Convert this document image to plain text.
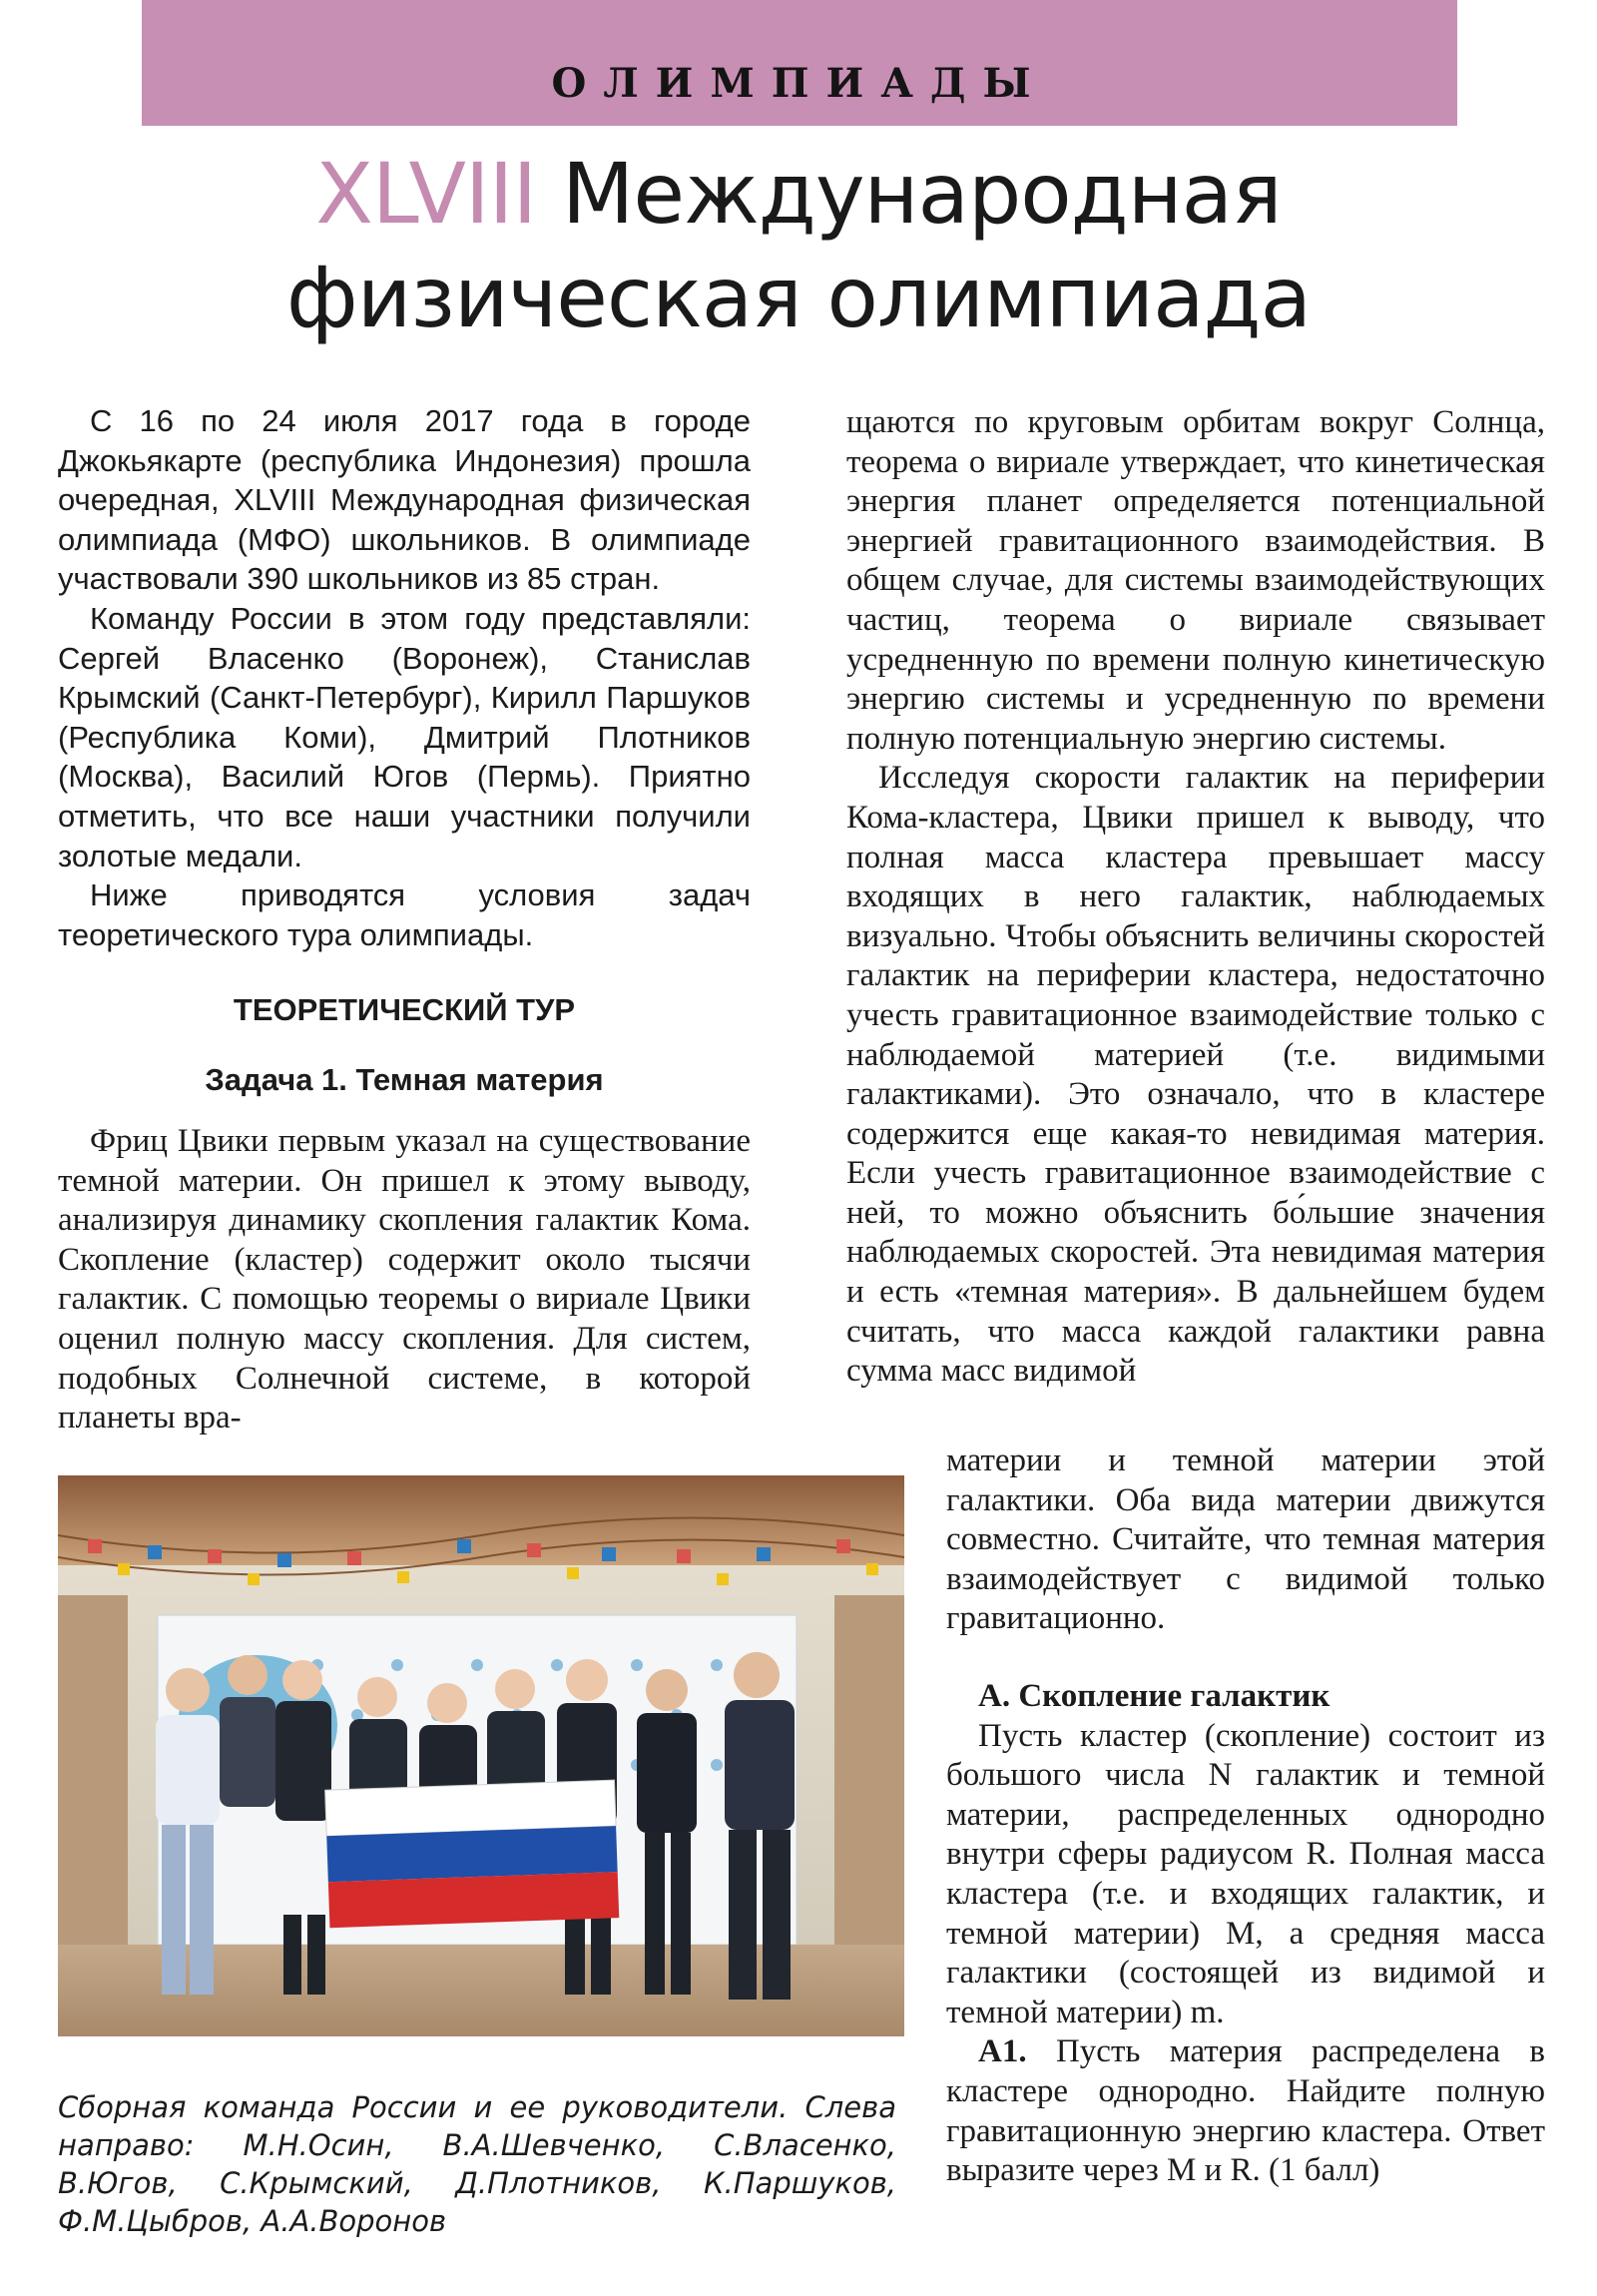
ОЛИМПИАДЫ
XLVIII Международная
физическая олимпиада

С 16 по 24 июля 2017 года в городе Джокьякарте (республика Индонезия) прошла очередная, XLVIII Международная физическая олимпиада (МФО) школьников. В олимпиаде участвовали 390 школьников из 85 стран.

Команду России в этом году представляли: Сергей Власенко (Воронеж), Станислав Крымский (Санкт-Петербург), Кирилл Паршуков (Республика Коми), Дмитрий Плотников (Москва), Василий Югов (Пермь). Приятно отметить, что все наши участники получили золотые медали.

Ниже приводятся условия задач теоретического тура олимпиады.

ТЕОРЕТИЧЕСКИЙ ТУР
Задача 1. Темная материя

Фриц Цвики первым указал на существование темной материи. Он пришел к этому выводу, анализируя динамику скопления галактик Кома. Скопление (кластер) содержит около тысячи галактик. С помощью теоремы о вириале Цвики оценил полную массу скопления. Для систем, подобных Солнечной системе, в которой планеты вра-

щаются по круговым орбитам вокруг Солнца, теорема о вириале утверждает, что кинетическая энергия планет определяется потенциальной энергией гравитационного взаимодействия. В общем случае, для системы взаимодействующих частиц, теорема о вириале связывает усредненную по времени полную кинетическую энергию системы и усредненную по времени полную потенциальную энергию системы.

Исследуя скорости галактик на периферии Кома-кластера, Цвики пришел к выводу, что полная масса кластера превышает массу входящих в него галактик, наблюдаемых визуально. Чтобы объяснить величины скоростей галактик на периферии кластера, недостаточно учесть гравитационное взаимодействие только с наблюдаемой материей (т.е. видимыми галактиками). Это означало, что в кластере содержится еще какая-то невидимая материя. Если учесть гравитационное взаимодействие с ней, то можно объяснить бо́льшие значения наблюдаемых скоростей. Эта невидимая материя и есть «темная материя». В дальнейшем будем считать, что масса каждой галактики равна сумма масс видимой

материи и темной материи этой галактики. Оба вида материи движутся совместно. Считайте, что темная материя взаимодействует с видимой только гравитационно.

А. Скопление галактик

Пусть кластер (скопление) состоит из большого числа N галактик и темной материи, распределенных однородно внутри сферы радиусом R. Полная масса кластера (т.е. и входящих галактик, и темной материи) M, а средняя масса галактики (состоящей из видимой и темной материи) m.

А1. Пусть материя распределена в кластере однородно. Найдите полную гравитационную энергию кластера. Ответ выразите через M и R. (1 балл)

Сборная команда России и ее руководители. Слева направо: М.Н.Осин, В.А.Шевченко, С.Власенко, В.Югов, С.Крымский, Д.Плотников, К.Паршуков, Ф.М.Цыбров, А.А.Воронов
